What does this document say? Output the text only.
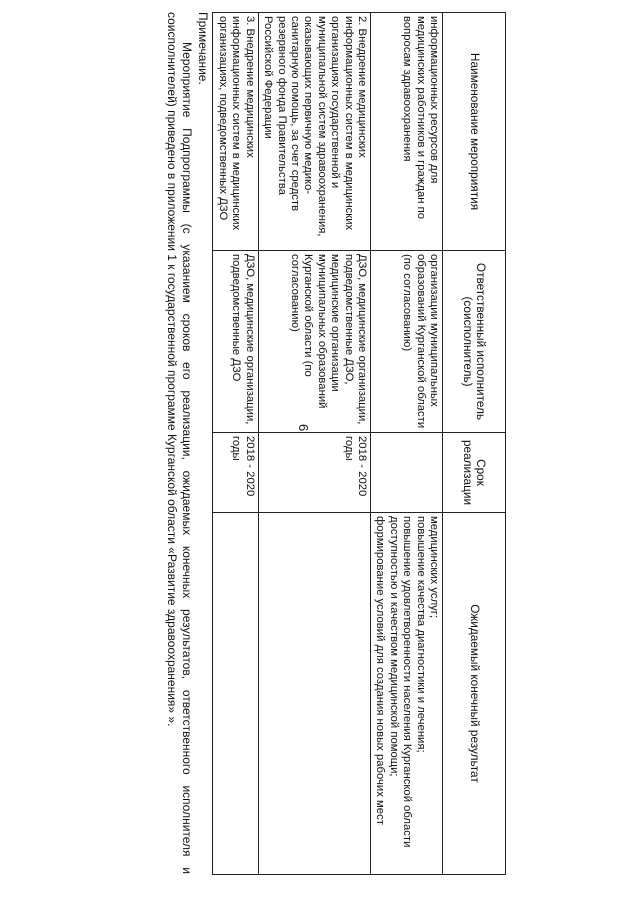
6
Наименование мероприятия	Ответственный исполнитель (соисполнитель)	Срок реализации	Ожидаемый конечный результат
информационных ресурсов для медицинских работников и граждан по вопросам здравоохранения	организации муниципальных образований Курганской области (по согласованию)		медицинских услуг;
повышение качества диагностики и лечения;
повышение удовлетворенности населения Курганской области доступностью и качеством медицинской помощи;
формирование условий для создания новых рабочих мест

2. Внедрение медицинских информационных систем в медицинских организациях государственной и муниципальной систем здравоохранения, оказывающих первичную медико-санитарную помощь, за счет средств резервного фонда Правительства Российской Федерации	ДЗО, медицинские организации, подведомственные ДЗО, медицинские организации муниципальных образований Курганской области (по согласованию)	2018 - 2020 годы	
3. Внедрение медицинских информационных систем в медицинских организациях, подведомственных ДЗО	ДЗО, медицинские организации, подведомственные ДЗО	2018 - 2020 годы	
Примечание.
Мероприятие Подпрограммы (с указанием сроков его реализации, ожидаемых конечных результатов, ответственного исполнителя и соисполнителей) приведено в приложении 1 к государственной программе Курганской области «Развитие здравоохранения» ».
